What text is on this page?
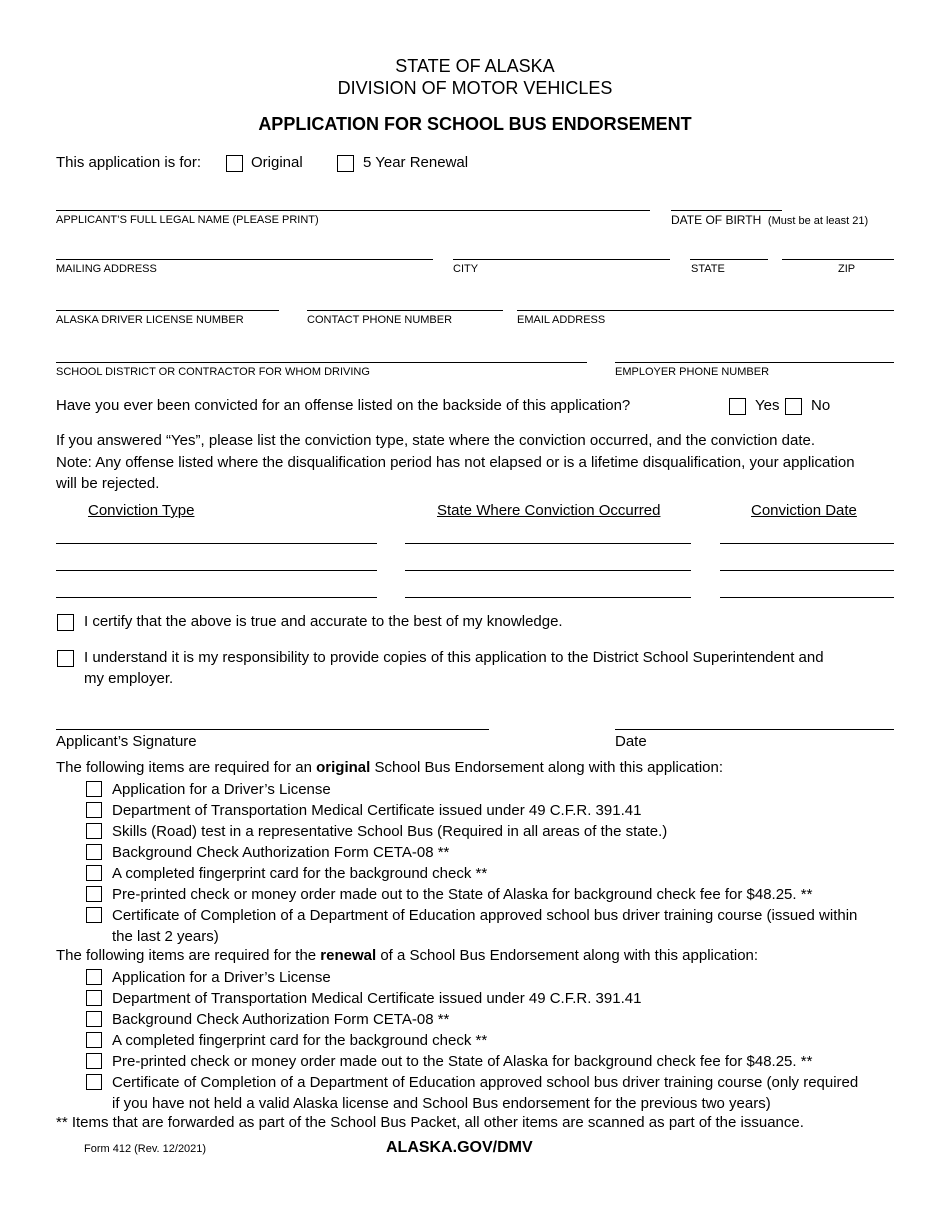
STATE OF ALASKA
DIVISION OF MOTOR VEHICLES
APPLICATION FOR SCHOOL BUS ENDORSEMENT
This application is for:	Original	5 Year Renewal
APPLICANT’S FULL LEGAL NAME (PLEASE PRINT)	DATE OF BIRTH (Must be at least 21)
MAILING ADDRESS	CITY	STATE	ZIP
ALASKA DRIVER LICENSE NUMBER	CONTACT PHONE NUMBER	EMAIL ADDRESS
SCHOOL DISTRICT OR CONTRACTOR FOR WHOM DRIVING	EMPLOYER PHONE NUMBER
Have you ever been convicted for an offense listed on the backside of this application?	Yes No
If you answered “Yes”, please list the conviction type, state where the conviction occurred, and the conviction date.
Note: Any offense listed where the disqualification period has not elapsed or is a lifetime disqualification, your application
will be rejected.
Conviction Type	State Where Conviction Occurred	Conviction Date
I certify that the above is true and accurate to the best of my knowledge.
I understand it is my responsibility to provide copies of this application to the District School Superintendent and
my employer.
Applicant’s Signature	Date
The following items are required for an original School Bus Endorsement along with this application:
Application for a Driver’s License
Department of Transportation Medical Certificate issued under 49 C.F.R. 391.41
Skills (Road) test in a representative School Bus (Required in all areas of the state.)
Background Check Authorization Form CETA-08 **
A completed fingerprint card for the background check **
Pre-printed check or money order made out to the State of Alaska for background check fee for $48.25. **
Certificate of Completion of a Department of Education approved school bus driver training course (issued within
the last 2 years)
The following items are required for the renewal of a School Bus Endorsement along with this application:
Application for a Driver’s License
Department of Transportation Medical Certificate issued under 49 C.F.R. 391.41
Background Check Authorization Form CETA-08 **
A completed fingerprint card for the background check **
Pre-printed check or money order made out to the State of Alaska for background check fee for $48.25. **
Certificate of Completion of a Department of Education approved school bus driver training course (only required
if you have not held a valid Alaska license and School Bus endorsement for the previous two years)
** Items that are forwarded as part of the School Bus Packet, all other items are scanned as part of the issuance.
Form 412 (Rev. 12/2021)	ALASKA.GOV/DMV
